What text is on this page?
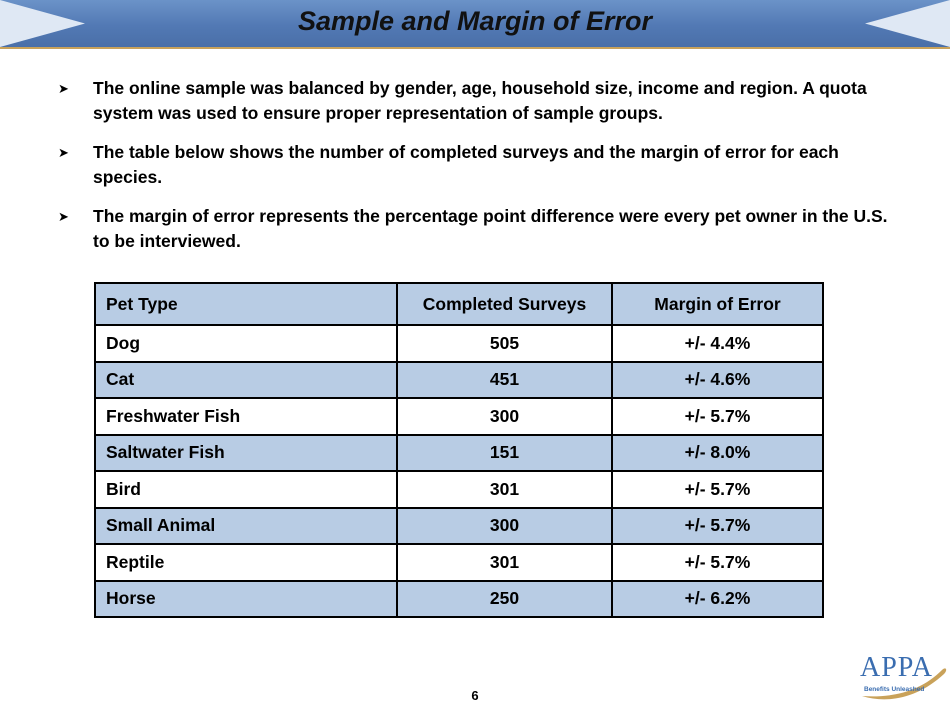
Sample and Margin of Error
➤	The online sample was balanced by gender, age, household size, income and region. A quota system was used to ensure proper representation of sample groups.
➤	The table below shows the number of completed surveys and the margin of error for each species.
➤	The margin of error represents the percentage point difference were every pet owner in the U.S. to be interviewed.
Pet Type	Completed Surveys	Margin of Error
Dog	505	+/- 4.4%
Cat	451	+/- 4.6%
Freshwater Fish	300	+/- 5.7%
Saltwater Fish	151	+/- 8.0%
Bird	301	+/- 5.7%
Small Animal	300	+/- 5.7%
Reptile	301	+/- 5.7%
Horse	250	+/- 6.2%
6
APPA
Benefits Unleashed
